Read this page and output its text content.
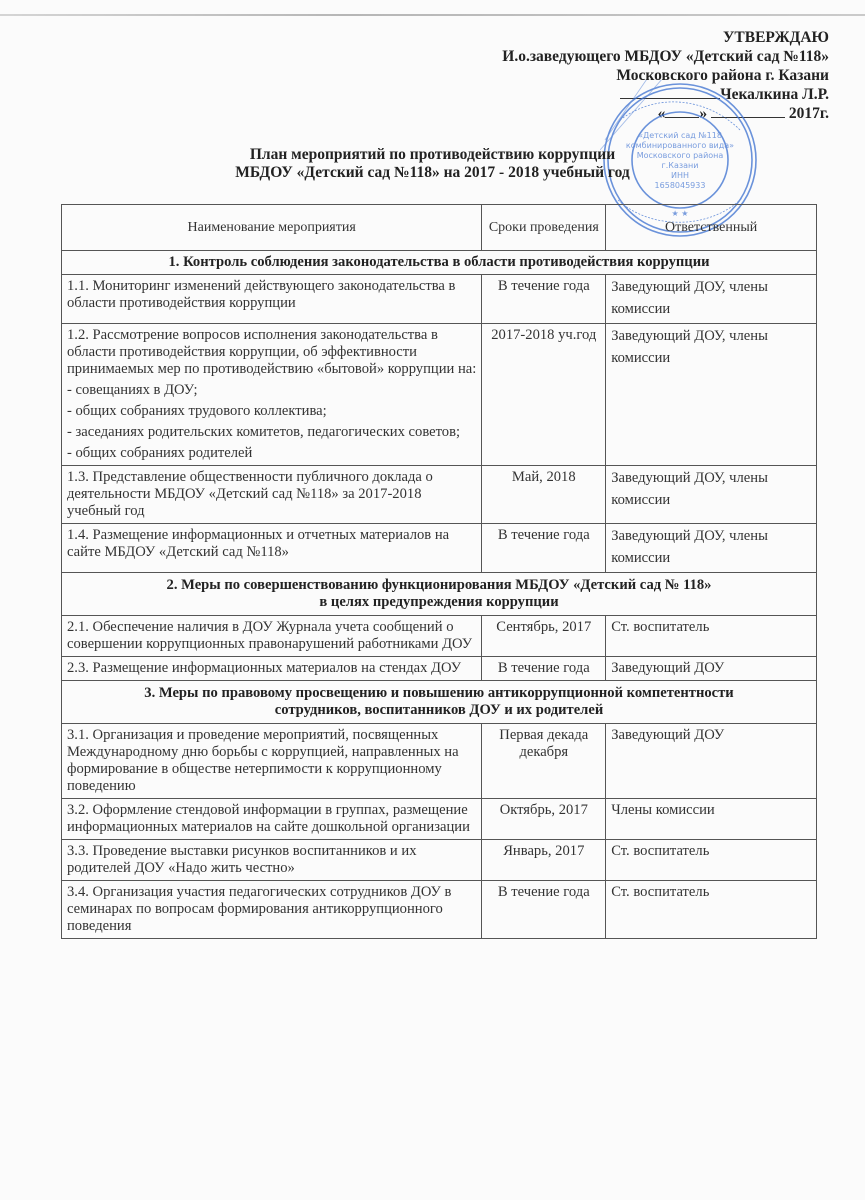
УТВЕРЖДАЮ
И.о.заведующего МБДОУ «Детский сад №118»
Московского района г. Казани
Чекалкина Л.Р.
« »	2017г.
«Детский сад №118
комбинированного вида»
Московского района
г.Казани
ИНН
1658045933
★ ★
План мероприятий по противодействию коррупции
МБДОУ «Детский сад №118» на 2017 - 2018 учебный год
Наименование мероприятия	Сроки проведения	Ответственный
1. Контроль соблюдения законодательства в области противодействия коррупции		
1.1. Мониторинг изменений действующего законодательства в области противодействия коррупции	В течение года	Заведующий ДОУ, члены комиссии
1.2. Рассмотрение вопросов исполнения законодательства в области противодействия коррупции, об эффективности принимаемых мер по противодействию «бытовой» коррупции на:
- совещаниях в ДОУ;
- общих собраниях трудового коллектива;
- заседаниях родительских комитетов, педагогических советов;
- общих собраниях родителей	2017-2018 уч.год	Заведующий ДОУ, члены комиссии
1.3. Представление общественности публичного доклада о деятельности МБДОУ «Детский сад №118» за 2017-2018 учебный год	Май, 2018	Заведующий ДОУ, члены комиссии
1.4. Размещение информационных и отчетных материалов на сайте МБДОУ «Детский сад №118»	В течение года	Заведующий ДОУ, члены комиссии

2. Меры по совершенствованию функционирования МБДОУ «Детский сад № 118»
в целях предупреждения коррупции		

2.1. Обеспечение наличия в ДОУ Журнала учета сообщений о совершении коррупционных правонарушений работниками ДОУ	Сентябрь, 2017	Ст. воспитатель
2.3. Размещение информационных материалов на стендах ДОУ	В течение года	Заведующий ДОУ

3. Меры по правовому просвещению и повышению антикоррупционной компетентности
сотрудников, воспитанников ДОУ и их родителей		

3.1. Организация и проведение мероприятий, посвященных Международному дню борьбы с коррупцией, направленных на формирование в обществе нетерпимости к коррупционному поведению	Первая декада декабря	Заведующий ДОУ
3.2. Оформление стендовой информации в группах, размещение информационных материалов на сайте дошкольной организации	Октябрь, 2017	Члены комиссии
3.3. Проведение выставки рисунков воспитанников и их родителей ДОУ «Надо жить честно»	Январь, 2017	Ст. воспитатель
3.4. Организация участия педагогических сотрудников ДОУ в семинарах по вопросам формирования антикоррупционного поведения	В течение года	Ст. воспитатель
